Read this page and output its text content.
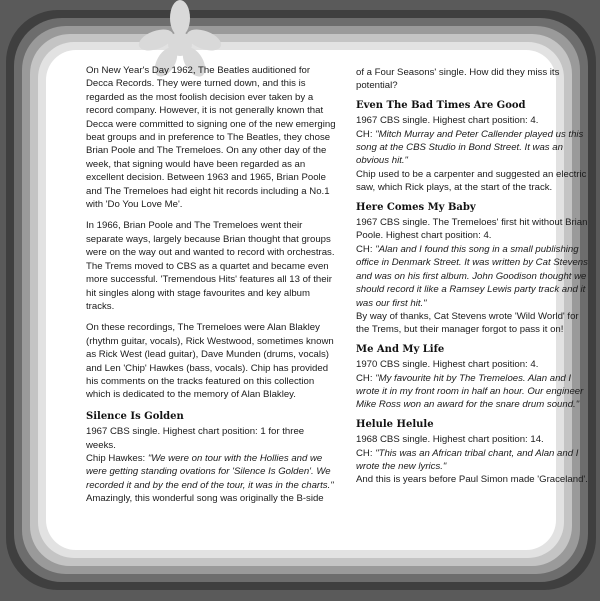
On New Year's Day 1962, The Beatles auditioned for Decca Records. They were turned down, and this is regarded as the most foolish decision ever taken by a record company. However, it is not generally known that Decca were committed to signing one of the new emerging beat groups and in preference to The Beatles, they chose Brian Poole and The Tremeloes. On any other day of the week, that signing would have been regarded as an excellent decision. Between 1963 and 1965, Brian Poole and The Tremeloes had eight hit records including a No.1 with 'Do You Love Me'.

In 1966, Brian Poole and The Tremeloes went their separate ways, largely because Brian thought that groups were on the way out and wanted to record with orchestras. The Trems moved to CBS as a quartet and became even more successful. 'Tremendous Hits' features all 13 of their hit singles along with stage favourites and key album tracks.

On these recordings, The Tremeloes were Alan Blakley (rhythm guitar, vocals), Rick Westwood, sometimes known as Rick West (lead guitar), Dave Munden (drums, vocals) and Len 'Chip' Hawkes (bass, vocals). Chip has provided his comments on the tracks featured on this collection which is dedicated to the memory of Alan Blakley.

Silence Is Golden
1967 CBS single. Highest chart position: 1 for three weeks.
Chip Hawkes: "We were on tour with the Hollies and we were getting standing ovations for 'Silence Is Golden'. We recorded it and by the end of the tour, it was in the charts."
Amazingly, this wonderful song was originally the B-side
of a Four Seasons' single. How did they miss its potential?
Even The Bad Times Are Good
1967 CBS single. Highest chart position: 4.
CH: "Mitch Murray and Peter Callender played us this song at the CBS Studio in Bond Street. It was an obvious hit."
Chip used to be a carpenter and suggested an electric saw, which Rick plays, at the start of the track.
Here Comes My Baby
1967 CBS single. The Tremeloes' first hit without Brian Poole. Highest chart position: 4.
CH: "Alan and I found this song in a small publishing office in Denmark Street. It was written by Cat Stevens and was on his first album. John Goodison thought we should record it like a Ramsey Lewis party track and it was our first hit."
By way of thanks, Cat Stevens wrote 'Wild World' for the Trems, but their manager forgot to pass it on!
Me And My Life
1970 CBS single. Highest chart position: 4.
CH: "My favourite hit by The Tremeloes. Alan and I wrote it in my front room in half an hour. Our engineer Mike Ross won an award for the snare drum sound."
Helule Helule
1968 CBS single. Highest chart position: 14.
CH: "This was an African tribal chant, and Alan and I wrote the new lyrics."
And this is years before Paul Simon made 'Graceland'.
